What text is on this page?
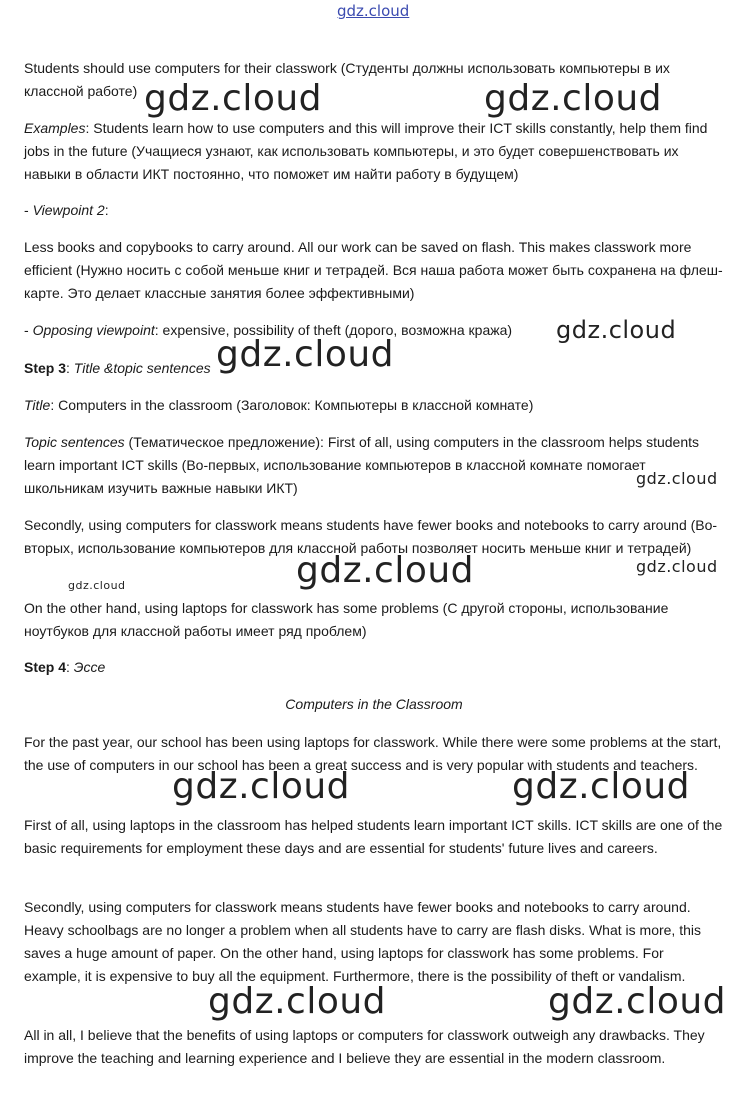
gdz.cloud

Students should use computers for their classwork (Студенты должны использовать компьютеры в их классной работе)

Examples: Students learn how to use computers and this will improve their ICT skills constantly, help them find jobs in the future (Учащиеся узнают, как использовать компьютеры, и это будет совершенствовать их навыки в области ИКТ постоянно, что поможет им найти работу в будущем)

- Viewpoint 2:

Less books and copybooks to carry around. All our work can be saved on flash. This makes classwork more efficient (Нужно носить с собой меньше книг и тетрадей. Вся наша работа может быть сохранена на флеш-карте. Это делает классные занятия более эффективными)

- Opposing viewpoint: expensive, possibility of theft (дорого, возможна кража)

Step 3: Title &topic sentences

Title: Computers in the classroom (Заголовок: Компьютеры в классной комнате)

Topic sentences (Тематическое предложение): First of all, using computers in the classroom helps students learn important ICT skills (Во-первых, использование компьютеров в классной комнате помогает школьникам изучить важные навыки ИКТ)

Secondly, using computers for classwork means students have fewer books and notebooks to carry around (Во-вторых, использование компьютеров для классной работы позволяет носить меньше книг и тетрадей)

On the other hand, using laptops for classwork has some problems (С другой стороны, использование ноутбуков для классной работы имеет ряд проблем)

Step 4: Эссе

Computers in the Classroom

For the past year, our school has been using laptops for classwork. While there were some problems at the start, the use of computers in our school has been a great success and is very popular with students and teachers.

First of all, using laptops in the classroom has helped students learn important ICT skills. ICT skills are one of the basic requirements for employment these days and are essential for students' future lives and careers.

Secondly, using computers for classwork means students have fewer books and notebooks to carry around. Heavy schoolbags are no longer a problem when all students have to carry are flash disks. What is more, this saves a huge amount of paper. On the other hand, using laptops for classwork has some problems. For example, it is expensive to buy all the equipment. Furthermore, there is the possibility of theft or vandalism.

All in all, I believe that the benefits of using laptops or computers for classwork outweigh any drawbacks. They improve the teaching and learning experience and I believe they are essential in the modern classroom.

gdz.cloud	gdz.cloud
gdz.cloud
gdz.cloud
gdz.cloud
gdz.cloud	gdz.cloud
gdz.cloud
gdz.cloud	gdz.cloud
gdz.cloud	gdz.cloud
